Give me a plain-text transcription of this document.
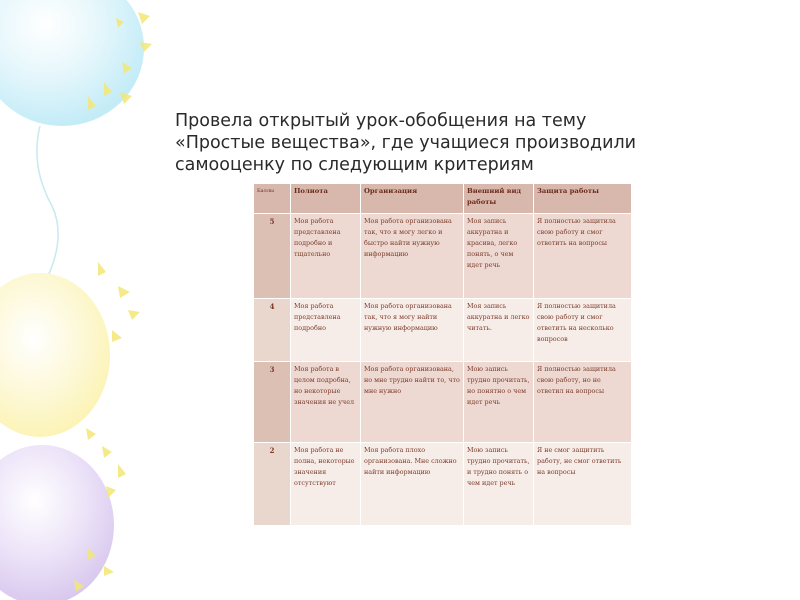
Провела открытый урок-обобщения на тему
«Простые вещества», где учащиеся производили
самооценку по следующим критериям
Баллы	Полнота	Организация	Внешний вид работы	Защита работы
5	Моя работа представлена подробно и тщательно	Моя работа организована так, что я могу легко и быстро найти нужную информацию	Моя запись аккуратна и красива, легко понять, о чем идет речь	Я полностью защитила свою работу и смог ответить на вопросы
4	Моя работа представлена подробно	Моя работа организована так, что я могу найти нужную информацию	Моя запись аккуратна и легко читать.	Я полностью защитила свою работу и смог ответить на несколько вопросов
3	Моя работа в целом подробна, но некоторые значения не учел	Моя работа организована, но мне трудно найти то, что мне нужно	Мою запись трудно прочитать, но понятно о чем идет речь	Я полностью защитила свою работу, но не ответил на вопросы
2	Моя работа не полна, некоторые значения отсутствуют	Моя работа плохо организована. Мне сложно найти информацию	Мою запись трудно прочитать, и трудно понять о чем идет речь	Я не смог защитить работу, не смог ответить на вопросы
